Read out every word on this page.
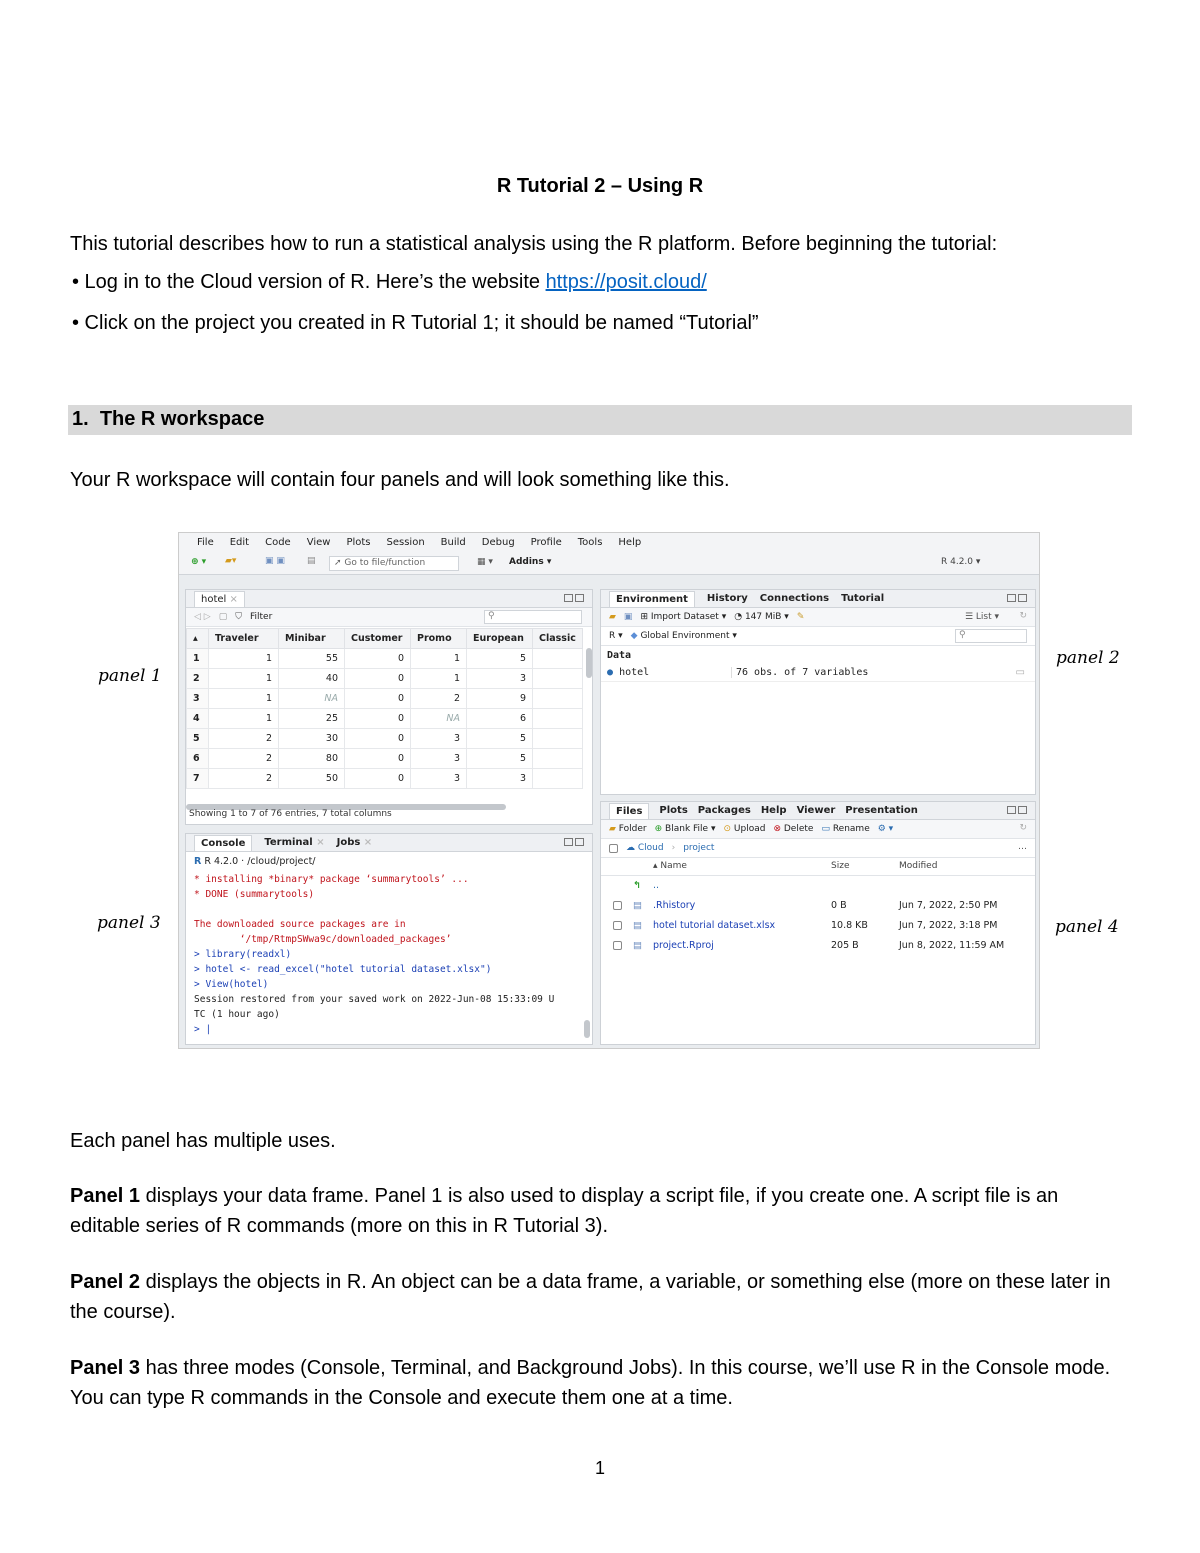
R Tutorial 2 – Using R
This tutorial describes how to run a statistical analysis using the R platform. Before beginning the tutorial:
• Log in to the Cloud version of R. Here’s the website https://posit.cloud/
• Click on the project you created in R Tutorial 1; it should be named “Tutorial”
1. The R workspace
Your R workspace will contain four panels and will look something like this.
panel 1
panel 2
panel 3	panel 4
File Edit Code View Plots Session Build Debug Profile Tools Help
⊕ ▾ ▰▾	▣ ▣ ▤	➚ Go to file/function	▦ ▾ Addins ▾	R 4.2.0 ▾
hotel ×
◁ ▷ ▢ ⛉ Filter	⚲
▴	Traveler	Minibar	Customer	Promo	European	Classic
1	1	55	0	1	5	
2	1	40	0	1	3	
3	1	NA	0	2	9	
4	1	25	0	NA	6	
5	2	30	0	3	5	
6	2	80	0	3	5	
7	2	50	0	3	3	
Showing 1 to 7 of 76 entries, 7 total columns
Console	Terminal × Jobs ×
R R 4.2.0 · /cloud/project/
* installing *binary* package ‘summarytools’ ...
* DONE (summarytools)
The downloaded source packages are in
‘/tmp/RtmpSWwa9c/downloaded_packages’
> library(readxl)
> hotel <- read_excel("hotel tutorial dataset.xlsx")
> View(hotel)
Session restored from your saved work on 2022-Jun-08 15:33:09 U
TC (1 hour ago)
> |
Environment	History Connections Tutorial
▰ ▣ ⊞ Import Dataset ▾ ◔ 147 MiB ▾ ✎	☰ List ▾ ↻
R ▾ ◆ Global Environment ▾	⚲
Data
● hotel	76 obs. of 7 variables	▭
Files	Plots Packages Help Viewer Presentation
▰ Folder ⊕ Blank File ▾ ⊙ Upload ⊗ Delete ▭ Rename ⚙ ▾	↻
☁ Cloud › project	…
▴ Name	Size	Modified
↰ ..
▤ .Rhistory	0 B	Jun 7, 2022, 2:50 PM
▤ hotel tutorial dataset.xlsx	10.8 KB	Jun 7, 2022, 3:18 PM
▤ project.Rproj	205 B	Jun 8, 2022, 11:59 AM
Each panel has multiple uses.
Panel 1 displays your data frame. Panel 1 is also used to display a script file, if you create one. A script file is an editable series of R commands (more on this in R Tutorial 3).
Panel 2 displays the objects in R. An object can be a data frame, a variable, or something else (more on these later in the course).
Panel 3 has three modes (Console, Terminal, and Background Jobs). In this course, we’ll use R in the Console mode. You can type R commands in the Console and execute them one at a time.
1
